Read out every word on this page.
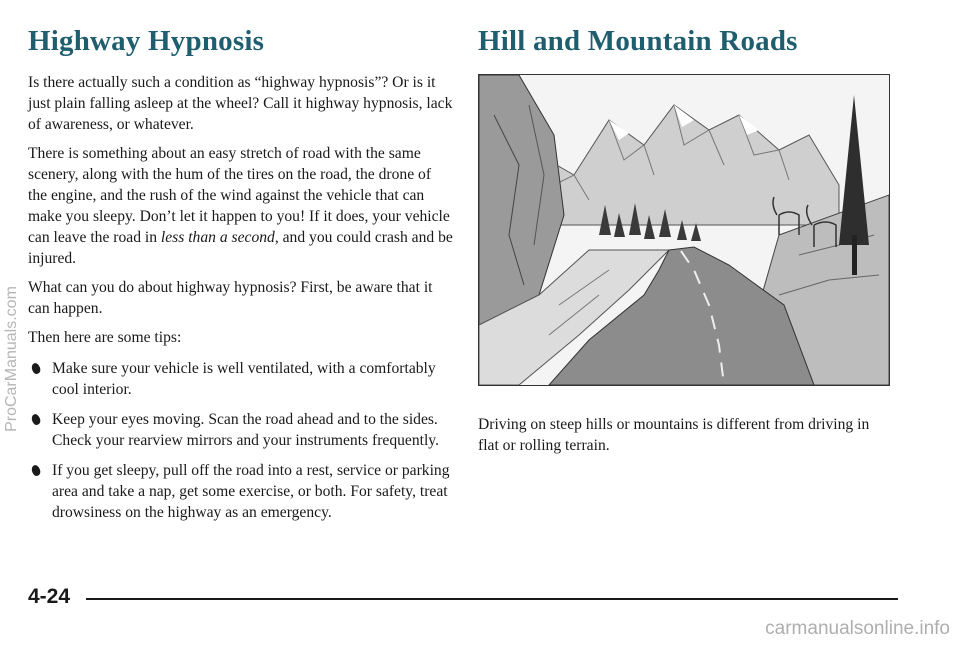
Highway Hypnosis

Is there actually such a condition as “highway hypnosis”? Or is it just plain falling asleep at the wheel? Call it highway hypnosis, lack of awareness, or whatever.

There is something about an easy stretch of road with the same scenery, along with the hum of the tires on the road, the drone of the engine, and the rush of the wind against the vehicle that can make you sleepy. Don’t let it happen to you! If it does, your vehicle can leave the road in less than a second, and you could crash and be injured.

What can you do about highway hypnosis? First, be aware that it can happen.

Then here are some tips:

Make sure your vehicle is well ventilated, with a comfortably cool interior.
Keep your eyes moving. Scan the road ahead and to the sides. Check your rearview mirrors and your instruments frequently.
If you get sleepy, pull off the road into a rest, service or parking area and take a nap, get some exercise, or both. For safety, treat drowsiness on the highway as an emergency.
Hill and Mountain Roads

Driving on steep hills or mountains is different from driving in flat or rolling terrain.

4-24
ProCarManuals.com
carmanualsonline.info
